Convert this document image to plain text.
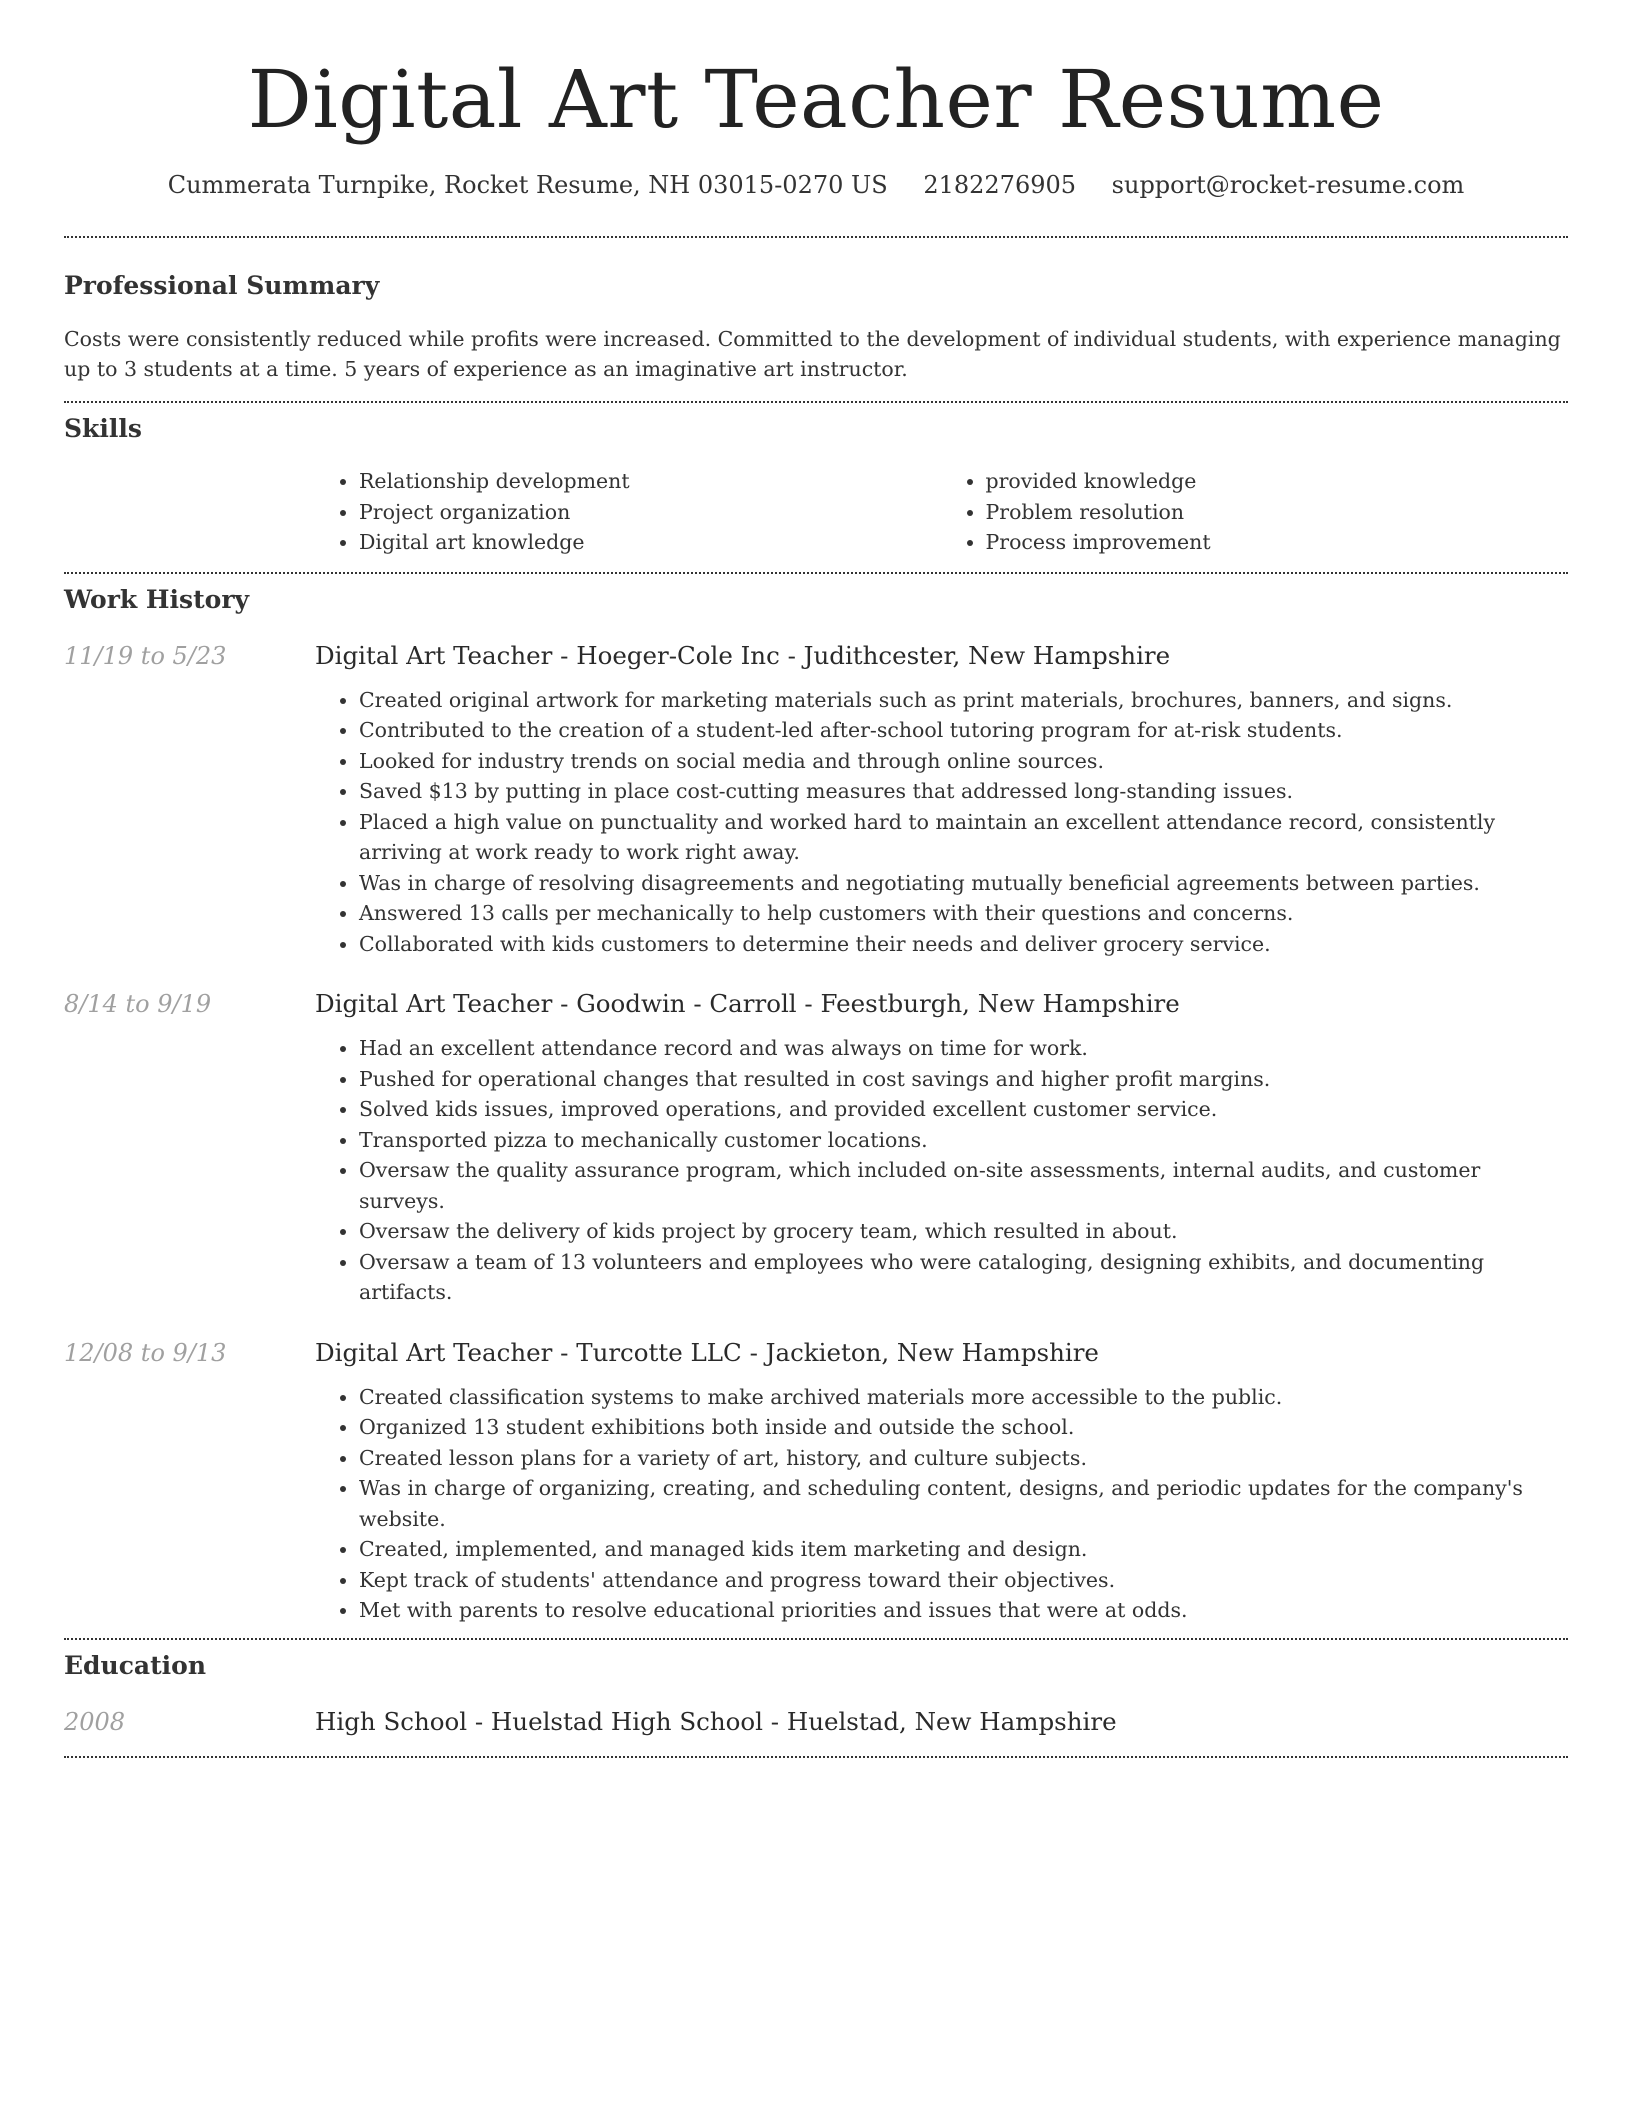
Digital Art Teacher Resume
Cummerata Turnpike, Rocket Resume, NH 03015-0270 US 2182276905 support@rocket-resume.com
Professional Summary

Costs were consistently reduced while profits were increased. Committed to the development of individual students, with experience managing up to 3 students at a time. 5 years of experience as an imaginative art instructor.

Skills
• Relationship development
• Project organization
• Digital art knowledge
• provided knowledge
• Problem resolution
• Process improvement
Work History
11/19 to 5/23	Digital Art Teacher - Hoeger-Cole Inc - Judithcester, New Hampshire
• Created original artwork for marketing materials such as print materials, brochures, banners, and signs.
• Contributed to the creation of a student-led after-school tutoring program for at-risk students.
• Looked for industry trends on social media and through online sources.
• Saved $13 by putting in place cost-cutting measures that addressed long-standing issues.
• Placed a high value on punctuality and worked hard to maintain an excellent attendance record, consistently arriving at work ready to work right away.
• Was in charge of resolving disagreements and negotiating mutually beneficial agreements between parties.
• Answered 13 calls per mechanically to help customers with their questions and concerns.
• Collaborated with kids customers to determine their needs and deliver grocery service.
8/14 to 9/19	Digital Art Teacher - Goodwin - Carroll - Feestburgh, New Hampshire
• Had an excellent attendance record and was always on time for work.
• Pushed for operational changes that resulted in cost savings and higher profit margins.
• Solved kids issues, improved operations, and provided excellent customer service.
• Transported pizza to mechanically customer locations.
• Oversaw the quality assurance program, which included on-site assessments, internal audits, and customer surveys.
• Oversaw the delivery of kids project by grocery team, which resulted in about.
• Oversaw a team of 13 volunteers and employees who were cataloging, designing exhibits, and documenting artifacts.
12/08 to 9/13	Digital Art Teacher - Turcotte LLC - Jackieton, New Hampshire
• Created classification systems to make archived materials more accessible to the public.
• Organized 13 student exhibitions both inside and outside the school.
• Created lesson plans for a variety of art, history, and culture subjects.
• Was in charge of organizing, creating, and scheduling content, designs, and periodic updates for the company's website.
• Created, implemented, and managed kids item marketing and design.
• Kept track of students' attendance and progress toward their objectives.
• Met with parents to resolve educational priorities and issues that were at odds.
Education
2008	High School - Huelstad High School - Huelstad, New Hampshire
